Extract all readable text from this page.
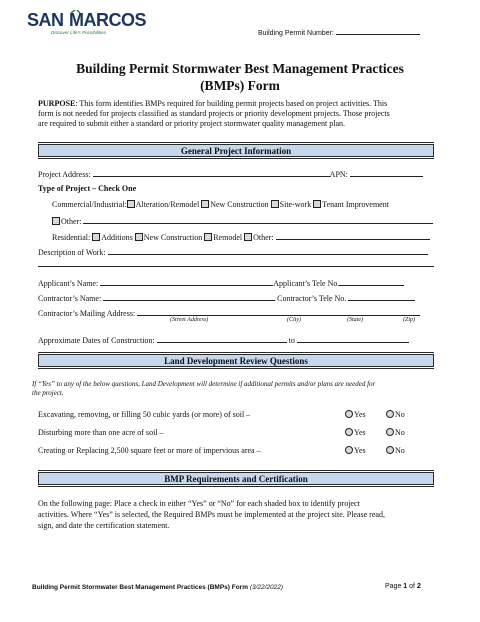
SAN MARCOS
Discover Life's Possibilities	Building Permit Number:
Building Permit Stormwater Best Management Practices
(BMPs) Form
PURPOSE: This form identifies BMPs required for building permit projects based on project activities. This
form is not needed for projects classified as standard projects or priority development projects. Those projects
are required to submit either a standard or priority project stormwater quality management plan.
General Project Information
Project Address:	APN:
Type of Project – Check One
Commercial/Industrial: Alteration/Remodel New Construction Site-work Tenant Improvement
Other:
Residential: Additions New Construction Remodel Other:
Description of Work:
Applicant’s Name:	Applicant’s Tele No.
Contractor’s Name:	Contractor’s Tele No.
Contractor’s Mailing Address:
(Street Address)	(City)	(State)	(Zip)
Approximate Dates of Construction:	to
Land Development Review Questions
If “Yes” to any of the below questions, Land Development will determine if additional permits and/or plans are needed for
the project.
Excavating, removing, or filling 50 cubic yards (or more) of soil –	Yes	No
Disturbing more than one acre of soil –	Yes	No
Creating or Replacing 2,500 square feet or more of impervious area –	Yes	No
BMP Requirements and Certification
On the following page: Place a check in either “Yes” or “No” for each shaded box to identify project
activities. Where “Yes” is selected, the Required BMPs must be implemented at the project site. Please read,
sign, and date the certification statement.
Building Permit Stormwater Best Management Practices (BMPs) Form (3/22/2022)	Page 1 of 2
